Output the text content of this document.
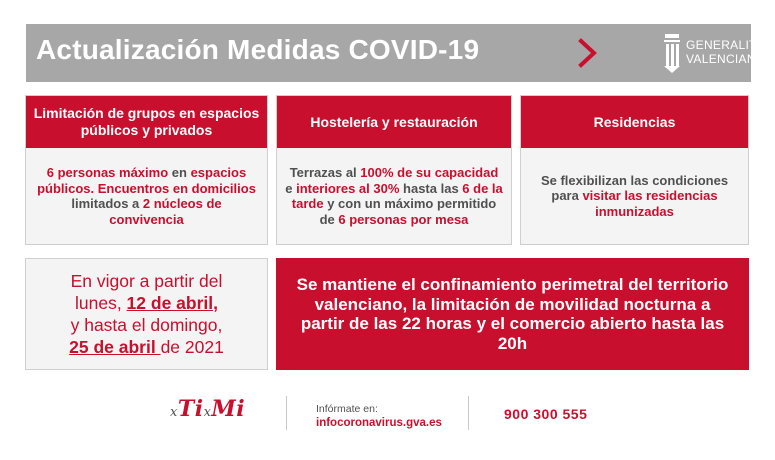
Actualización Medidas COVID-19	GENERALITAT
VALENCIANA
Limitación de grupos en espacios públicos y privados
6 personas máximo en espacios públicos. Encuentros en domicilios limitados a 2 núcleos de convivencia
Hostelería y restauración
Terrazas al 100% de su capacidad e interiores al 30% hasta las 6 de la tarde y con un máximo permitido de 6 personas por mesa
Residencias
Se flexibilizan las condiciones para visitar las residencias inmunizadas
En vigor a partir del
lunes, 12 de abril,
y hasta el domingo,
25 de abril de 2021
Se mantiene el confinamiento perimetral del territorio valenciano, la limitación de movilidad nocturna a partir de las 22 horas y el comercio abierto hasta las 20h
xTixMi	Infórmate en:
infocoronavirus.gva.es
900 300 555
